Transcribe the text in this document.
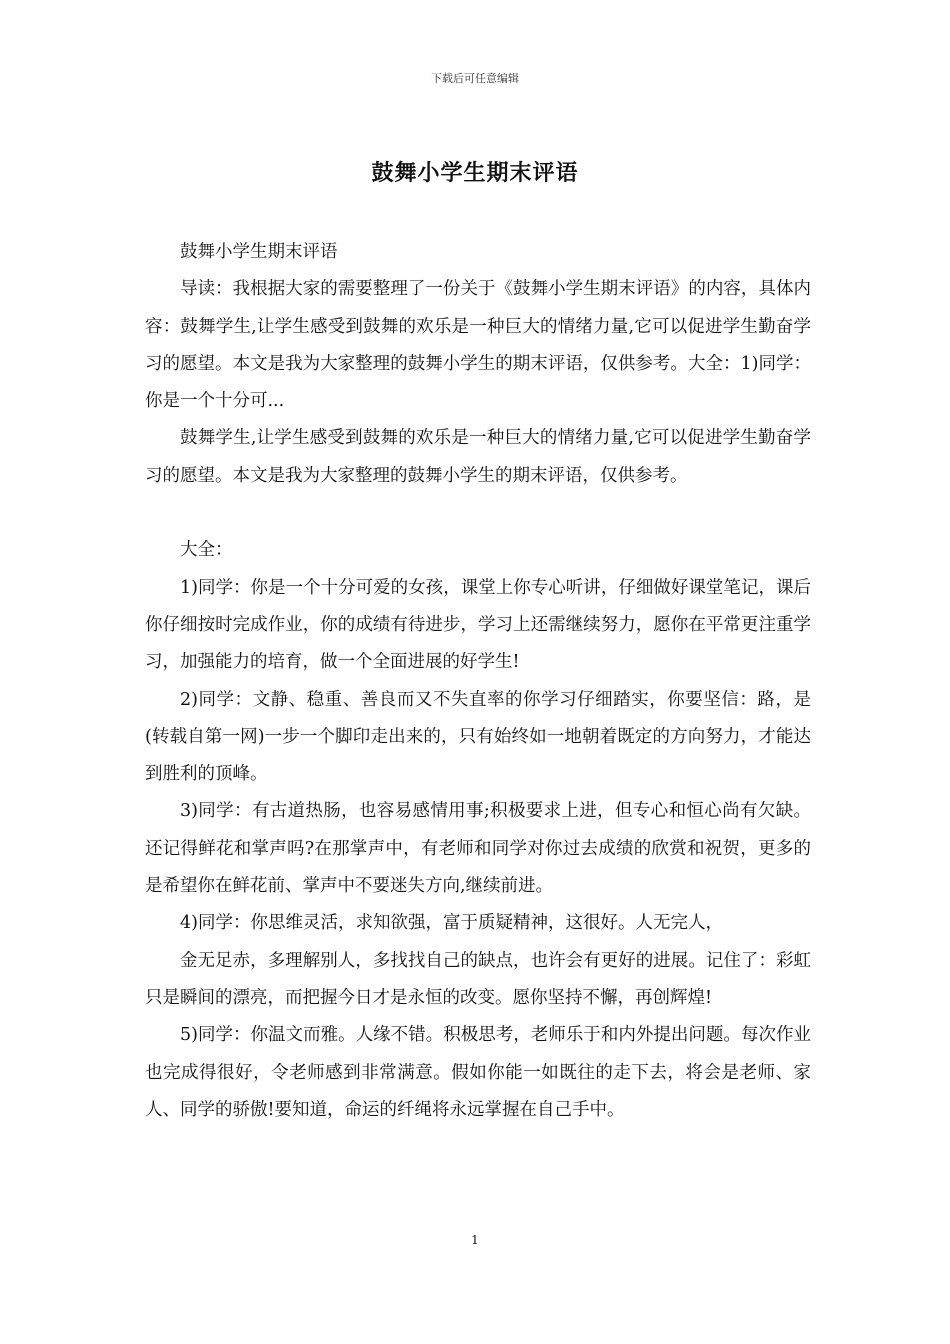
下载后可任意编辑
鼓舞小学生期末评语

鼓舞小学生期末评语

导读：我根据大家的需要整理了一份关于《鼓舞小学生期末评语》的内容，具体内容：鼓舞学生,让学生感受到鼓舞的欢乐是一种巨大的情绪力量,它可以促进学生勤奋学习的愿望。本文是我为大家整理的鼓舞小学生的期末评语，仅供参考。大全：1)同学：你是一个十分可...

鼓舞学生,让学生感受到鼓舞的欢乐是一种巨大的情绪力量,它可以促进学生勤奋学习的愿望。本文是我为大家整理的鼓舞小学生的期末评语，仅供参考。

大全：

1)同学：你是一个十分可爱的女孩，课堂上你专心听讲，仔细做好课堂笔记，课后你仔细按时完成作业，你的成绩有待进步，学习上还需继续努力，愿你在平常更注重学习，加强能力的培育，做一个全面进展的好学生!

2)同学：文静、稳重、善良而又不失直率的你学习仔细踏实，你要坚信：路，是(转载自第一网)一步一个脚印走出来的，只有始终如一地朝着既定的方向努力，才能达到胜利的顶峰。

3)同学：有古道热肠，也容易感情用事;积极要求上进，但专心和恒心尚有欠缺。还记得鲜花和掌声吗?在那掌声中，有老师和同学对你过去成绩的欣赏和祝贺，更多的是希望你在鲜花前、掌声中不要迷失方向,继续前进。

4)同学：你思维灵活，求知欲强，富于质疑精神，这很好。人无完人，

金无足赤，多理解别人，多找找自己的缺点，也许会有更好的进展。记住了：彩虹只是瞬间的漂亮，而把握今日才是永恒的改变。愿你坚持不懈，再创辉煌!

5)同学：你温文而雅。人缘不错。积极思考，老师乐于和内外提出问题。每次作业也完成得很好，令老师感到非常满意。假如你能一如既往的走下去，将会是老师、家人、同学的骄傲!要知道，命运的纤绳将永远掌握在自己手中。

1
